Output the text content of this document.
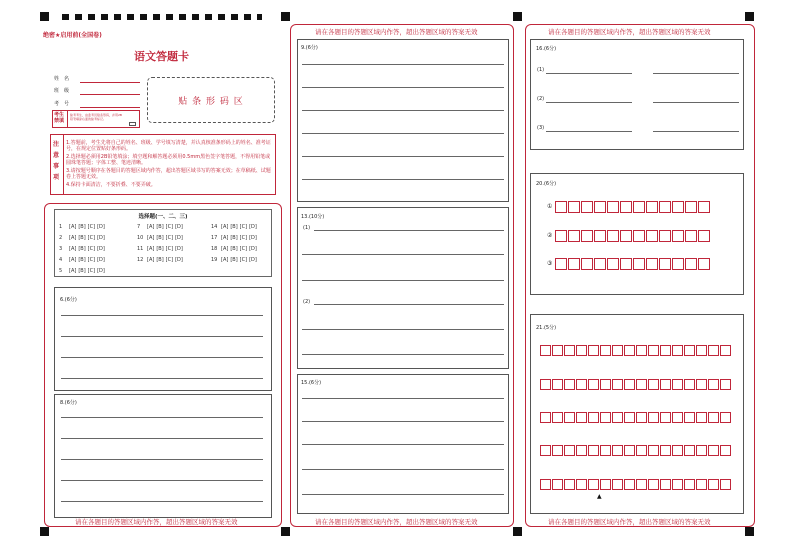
绝密★启用前(全国卷)
语文答题卡
姓　名
班　级
考　号	贴 条 形 码 区
考生禁填
缺考考生，由监考员贴条形码，并用2B铅笔填涂右面的缺考标记。
注意事项
1.答题前，考生先将自己的姓名、班级、学号填写清楚，并认真核准条形码上的姓名、准考证号，在规定位置贴好条形码。
2.选择题必须用2B铅笔填涂；填空题和解答题必须用0.5mm黑色签字笔答题，不得用铅笔或圆珠笔答题；字体工整、笔迹清晰。
3.请按题号顺序在各题目的答题区域内作答，超出答题区域书写的答案无效；在草稿纸、试题卷上答题无效。
4.保持卡面清洁，不要折叠、不要弄破。
选择题(一、二、三)
1	[A] [B] [C] [D]
2	[A] [B] [C] [D]
3	[A] [B] [C] [D]
4	[A] [B] [C] [D]
5	[A] [B] [C] [D]
7	[A] [B] [C] [D]
10 [A] [B] [C] [D]
11 [A] [B] [C] [D]
12 [A] [B] [C] [D]
14 [A] [B] [C] [D]
17 [A] [B] [C] [D]
18 [A] [B] [C] [D]
19 [A] [B] [C] [D]
6.(6分)
8.(6分)
请在各题目的答题区域内作答，超出答题区域的答案无效
请在各题目的答题区域内作答，超出答题区域的答案无效
9.(6分)
13.(10分)
(1)
(2)
15.(6分)
请在各题目的答题区域内作答，超出答题区域的答案无效
请在各题目的答题区域内作答，超出答题区域的答案无效
16.(6分)
(1)
(2)
(3)
20.(6分)
①
②
③
21.(5分)
▲
请在各题目的答题区域内作答，超出答题区域的答案无效
